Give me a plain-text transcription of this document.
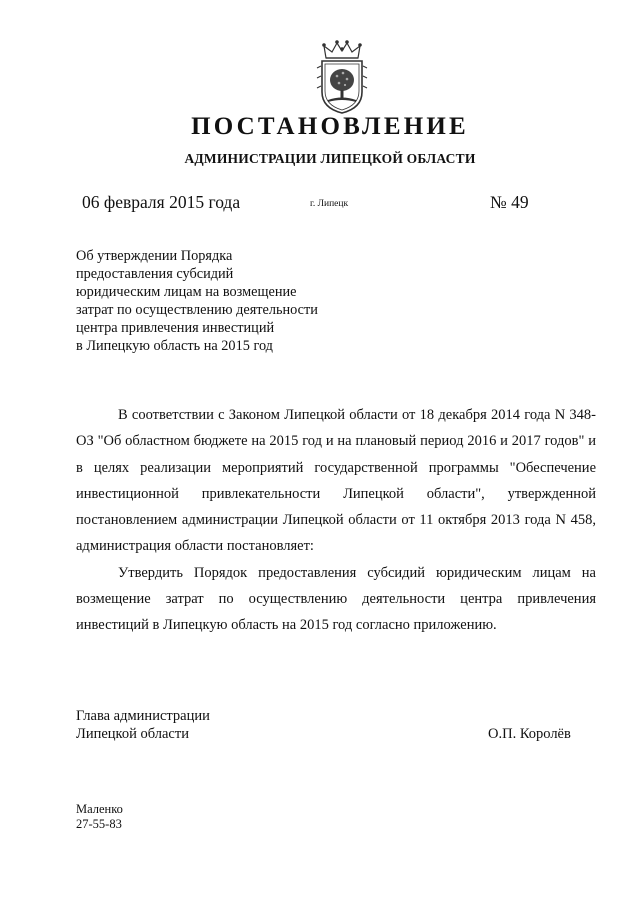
ПОСТАНОВЛЕНИЕ
АДМИНИСТРАЦИИ ЛИПЕЦКОЙ ОБЛАСТИ
06 февраля 2015 года	г. Липецк	№ 49
Об утверждении Порядка
предоставления субсидий
юридическим лицам на возмещение
затрат по осуществлению деятельности
центра привлечения инвестиций
в Липецкую область на 2015 год

В соответствии с Законом Липецкой области от 18 декабря 2014 года N 348-ОЗ "Об областном бюджете на 2015 год и на плановый период 2016 и 2017 годов" и в целях реализации мероприятий государственной программы "Обеспечение инвестиционной привлекательности Липецкой области", утвержденной постановлением администрации Липецкой области от 11 октября 2013 года N 458, администрация области постановляет:

Утвердить Порядок предоставления субсидий юридическим лицам на возмещение затрат по осуществлению деятельности центра привлечения инвестиций в Липецкую область на 2015 год согласно приложению.

Глава администрации
Липецкой области	О.П. Королёв
Маленко
27-55-83
